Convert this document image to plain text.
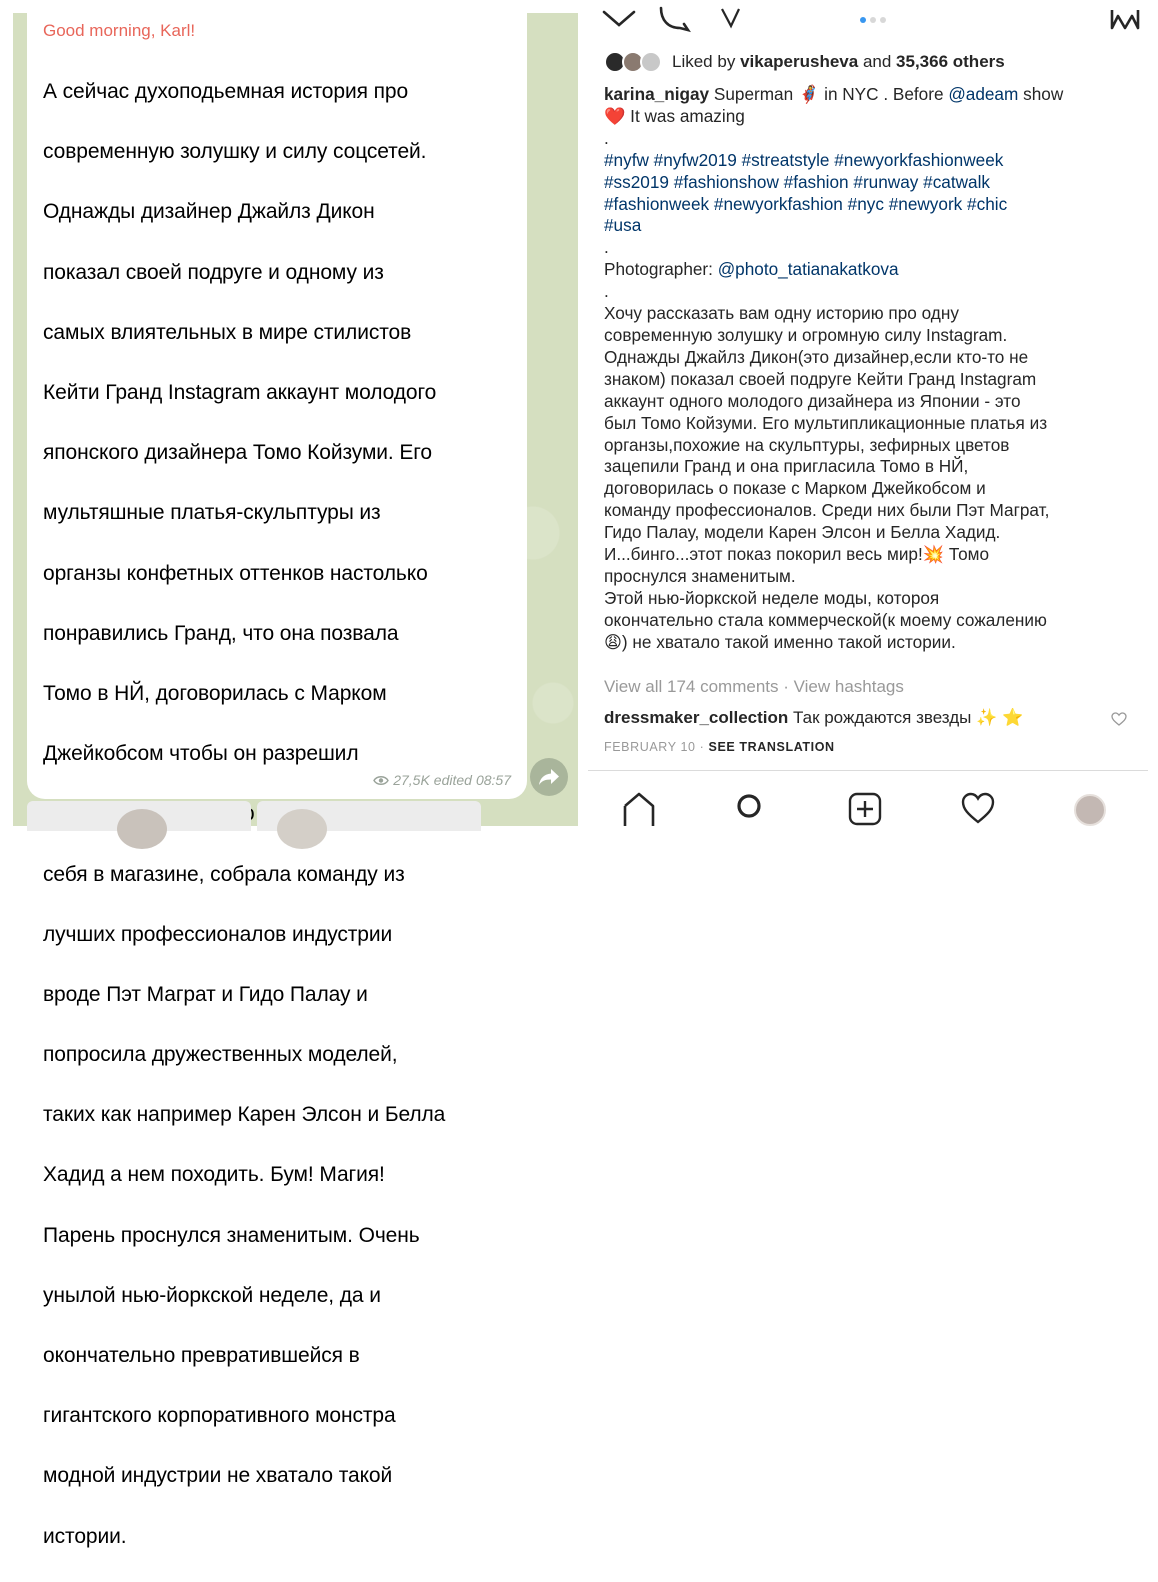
Good morning, Karl!

А сейчас духоподьемная история про

современную золушку и силу соцсетей.

Однажды дизайнер Джайлз Дикон

показал своей подруге и одному из

самых влиятельных в мире стилистов

Кейти Гранд Instagram аккаунт молодого

японского дизайнера Томо Койзуми. Его

мультяшные платья-скульптуры из

органзы конфетных оттенков настолько

понравились Гранд, что она позвала

Томо в НЙ, договорилась с Марком

Джейкобсом чтобы он разрешил

себя в магазине, собрала команду из

лучших профессионалов индустрии

вроде Пэт Маграт и Гидо Палау и

попросила дружественных моделей,

таких как например Карен Элсон и Белла

Хадид а нем походить. Бум! Магия!

Парень проснулся знаменитым. Очень

унылой нью-йоркской неделе, да и

окончательно превратившейся в

гигантского корпоративного монстра

модной индустрии не хватало такой

истории.

27,5K edited 08:57
Liked by vikaperusheva and 35,366 others
karina_nigay Superman 🦸‍♀️ in NYC . Before @adeam show
❤️ It was amazing
.
#nyfw #nyfw2019 #streatstyle #newyorkfashionweek
#ss2019 #fashionshow #fashion #runway #catwalk
#fashionweek #newyorkfashion #nyc #newyork #chic
#usa
.
Photographer: @photo_tatianakatkova
.
Хочу рассказать вам одну историю про одну
современную золушку и огромную силу Instagram.
Однажды Джайлз Дикон(это дизайнер,если кто-то не
знаком) показал своей подруге Кейти Гранд Instagram
аккаунт одного молодого дизайнера из Японии - это
был Томо Койзуми. Его мультипликационные платья из
органзы,похожие на скульптуры, зефирных цветов
зацепили Гранд и она пригласила Томо в НЙ,
договорилась о показе с Марком Джейкобсом и
команду профессионалов. Среди них были Пэт Маграт,
Гидо Палау, модели Карен Элсон и Белла Хадид.
И...бинго...этот показ покорил весь мир!💥 Томо
проснулся знаменитым.
Этой нью-йоркской неделе моды, котороя
окончательно стала коммерческой(к моему сожалению
😩) не хватало такой именно такой истории.
View all 174 comments · View hashtags
dressmaker_collection Так рождаются звезды ✨ ⭐
FEBRUARY 10 · SEE TRANSLATION
